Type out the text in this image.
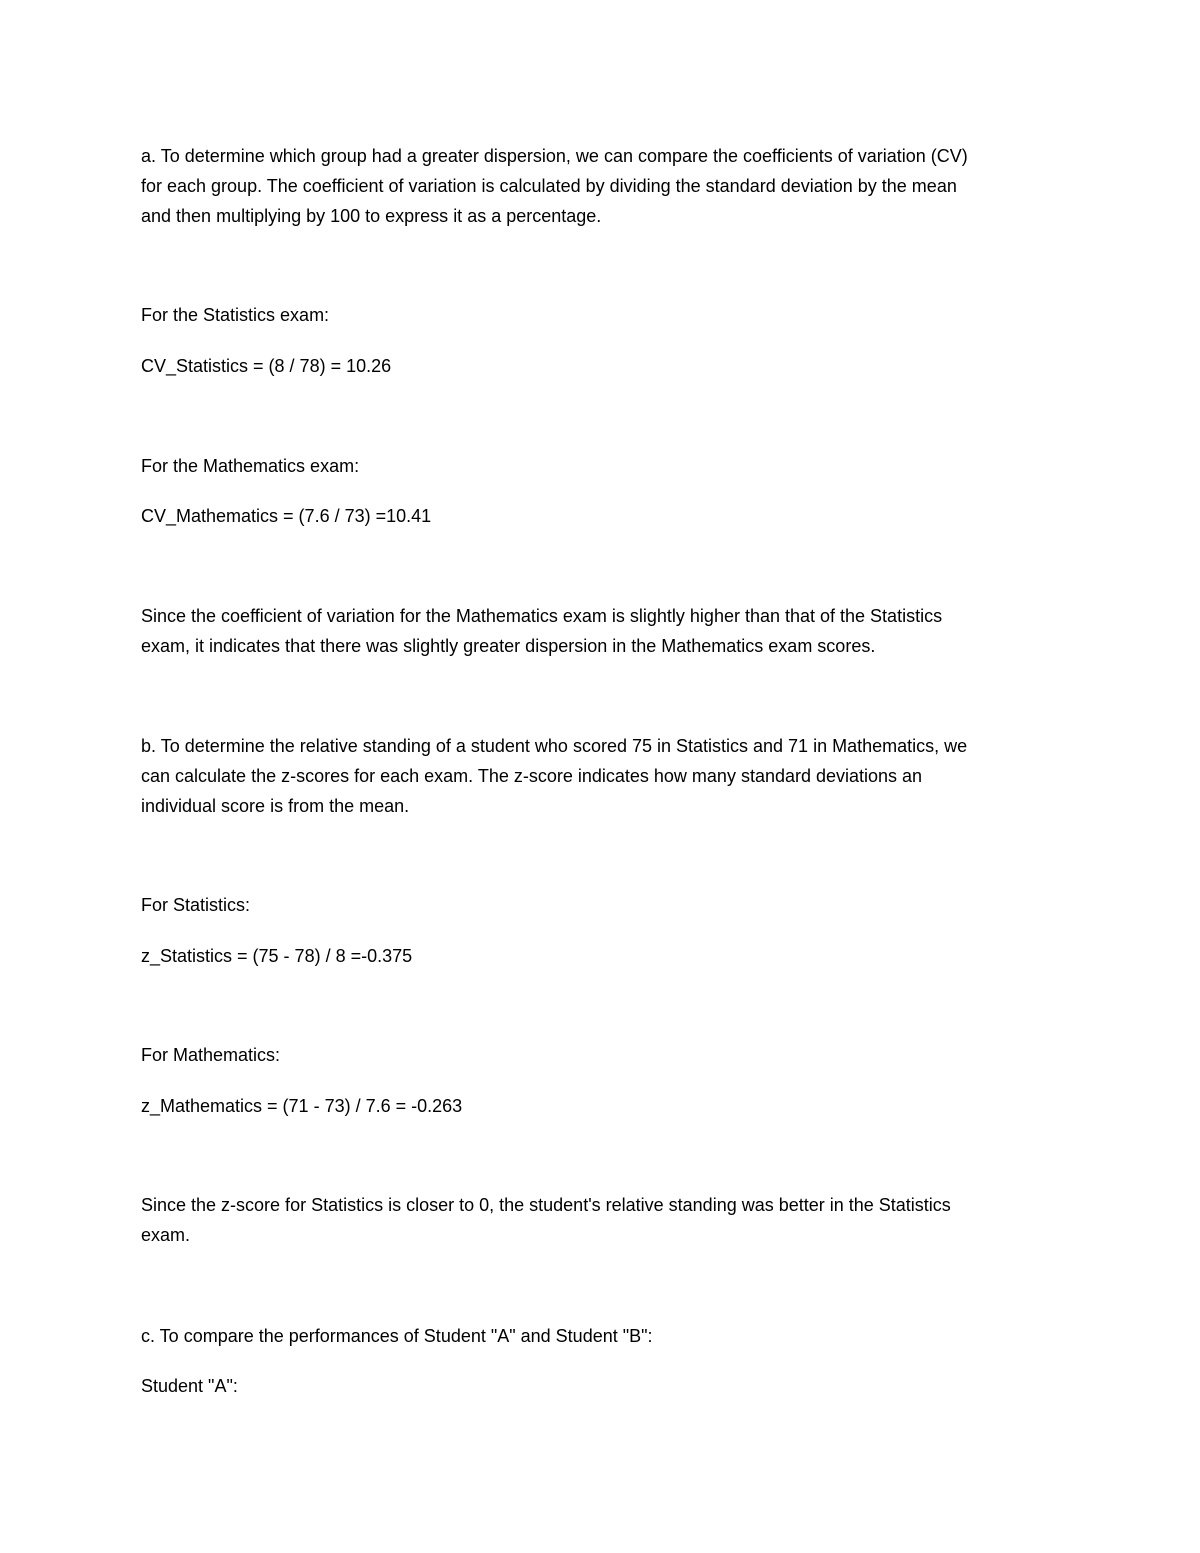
a. To determine which group had a greater dispersion, we can compare the coefficients of variation (CV)
for each group. The coefficient of variation is calculated by dividing the standard deviation by the mean
and then multiplying by 100 to express it as a percentage.
For the Statistics exam:
CV_Statistics = (8 / 78) = 10.26
For the Mathematics exam:
CV_Mathematics = (7.6 / 73) =10.41
Since the coefficient of variation for the Mathematics exam is slightly higher than that of the Statistics
exam, it indicates that there was slightly greater dispersion in the Mathematics exam scores.
b. To determine the relative standing of a student who scored 75 in Statistics and 71 in Mathematics, we
can calculate the z-scores for each exam. The z-score indicates how many standard deviations an
individual score is from the mean.
For Statistics:
z_Statistics = (75 - 78) / 8 =-0.375
For Mathematics:
z_Mathematics = (71 - 73) / 7.6 = -0.263
Since the z-score for Statistics is closer to 0, the student's relative standing was better in the Statistics
exam.
c. To compare the performances of Student "A" and Student "B":
Student "A":
